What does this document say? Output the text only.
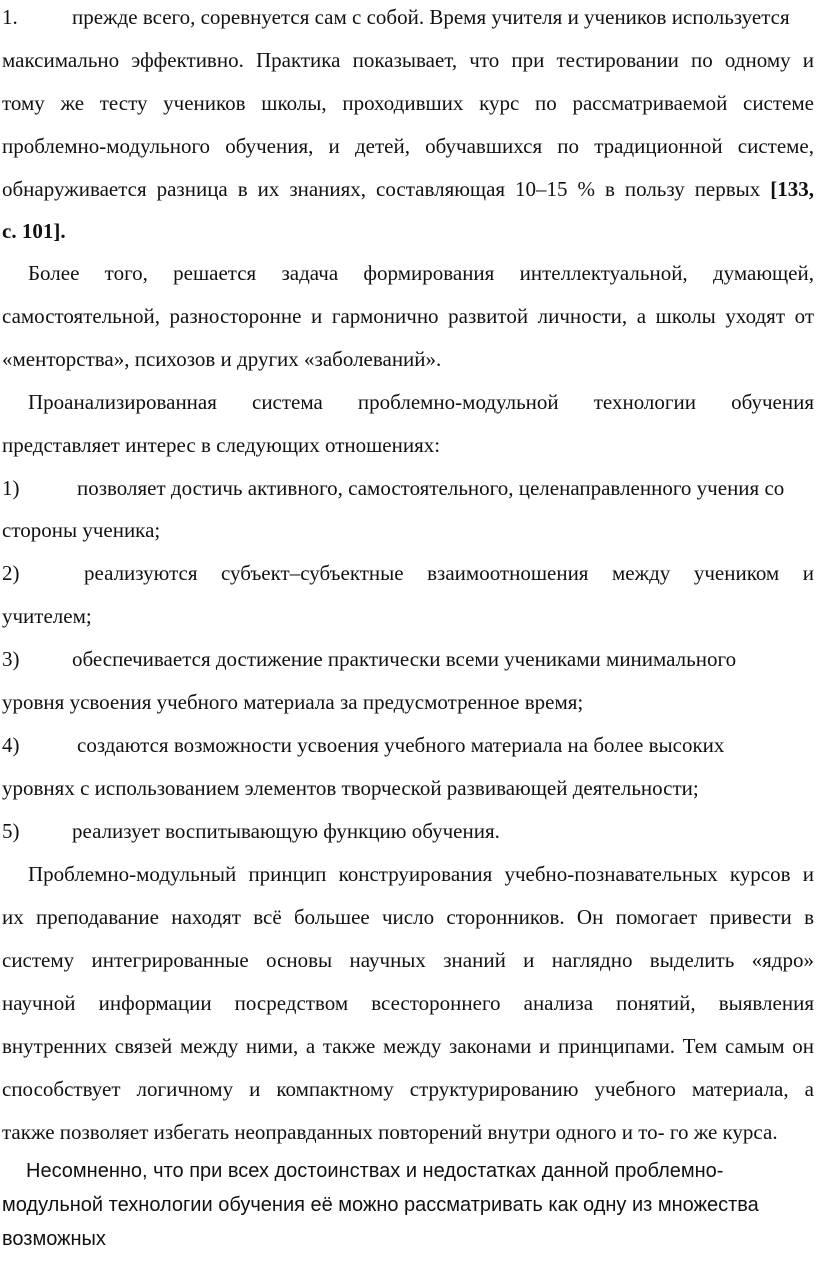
1.	прежде всего, соревнуется сам с собой. Время учителя и учеников используется
максимально эффективно. Практика показывает, что при тестировании по одному и
тому же тесту учеников школы, проходивших курс по рассматриваемой системе
проблемно-модульного обучения, и детей, обучавшихся по традиционной системе,
обнаруживается разница в их знаниях, составляющая 10–15 % в пользу первых [133,
c. 101].
Более того, решается задача формирования интеллектуальной, думающей,
самостоятельной, разносторонне и гармонично развитой личности, а школы уходят от
«менторства», психозов и других «заболеваний».
Проанализированная система проблемно-модульной технологии обучения
представляет интерес в следующих отношениях:
1)	позволяет достичь активного, самостоятельного, целенаправленного учения со
стороны ученика;
2)	реализуются субъект–субъектные взаимоотношения между учеником и
учителем;
3)	обеспечивается достижение практически всеми учениками минимального
уровня усвоения учебного материала за предусмотренное время;
4)	создаются возможности усвоения учебного материала на более высоких
уровнях с использованием элементов творческой развивающей деятельности;
5)	реализует воспитывающую функцию обучения.
Проблемно-модульный принцип конструирования учебно-познавательных курсов и
их преподавание находят всё большее число сторонников. Он помогает привести в
систему интегрированные основы научных знаний и наглядно выделить «ядро»
научной информации посредством всестороннего анализа понятий, выявления
внутренних связей между ними, а также между законами и принципами. Тем самым он
способствует логичному и компактному структурированию учебного материала, а
также позволяет избегать неоправданных повторений внутри одного и то- го же курса.
Несомненно, что при всех достоинствах и недостатках данной проблемно-
модульной технологии обучения её можно рассматривать как одну из множества
возможных
